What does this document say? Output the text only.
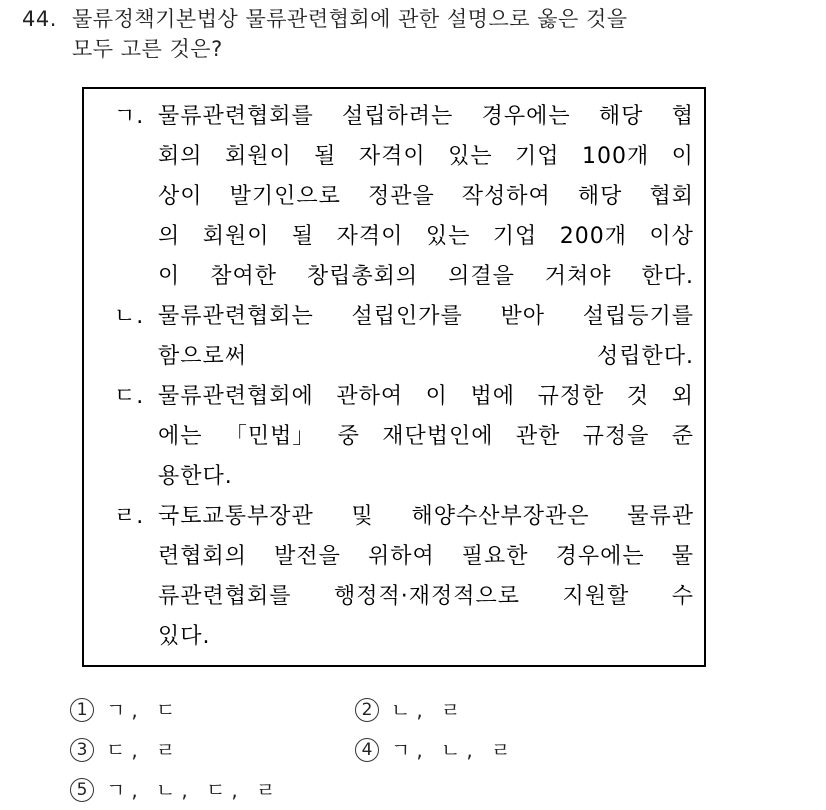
44. 물류정책기본법상 물류관련협회에 관한 설명으로 옳은 것을
모두 고른 것은?
ㄱ. 물류관련협회를 설립하려는 경우에는 해당 협
회의 회원이 될 자격이 있는 기업 100개 이
상이 발기인으로 정관을 작성하여 해당 협회
의 회원이 될 자격이 있는 기업 200개 이상
이 참여한 창립총회의 의결을 거쳐야 한다.
ㄴ. 물류관련협회는 설립인가를 받아 설립등기를
함으로써 성립한다.
ㄷ. 물류관련협회에 관하여 이 법에 규정한 것 외
에는 「민법」 중 재단법인에 관한 규정을 준
용한다.
ㄹ. 국토교통부장관 및 해양수산부장관은 물류관
련협회의 발전을 위하여 필요한 경우에는 물
류관련협회를 행정적·재정적으로 지원할 수
있다.
1 ㄱ, ㄷ	2 ㄴ, ㄹ
3 ㄷ, ㄹ	4 ㄱ, ㄴ, ㄹ
5 ㄱ, ㄴ, ㄷ, ㄹ
